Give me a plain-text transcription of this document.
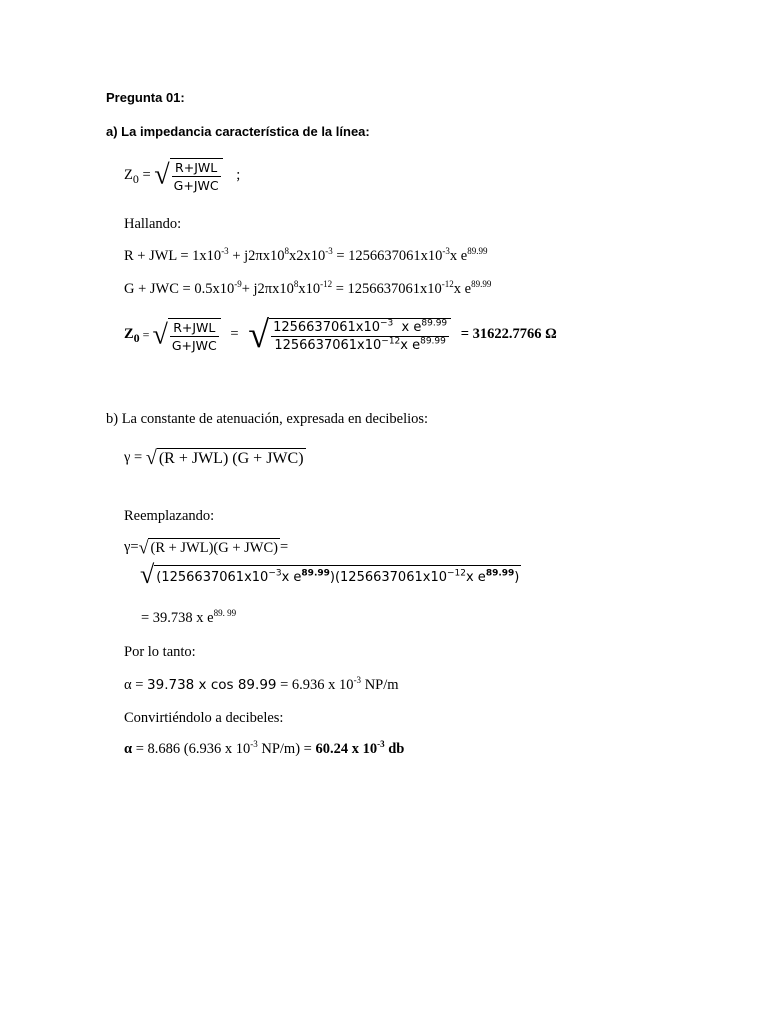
Pregunta 01:
a) La impedancia característica de la línea:
$Z_0$ = √ $\frac{\text{R+JWL}}{\text{G+JWC}}$ ;
Hallando:
R + JWL = $1x10^{-3} + j2\pi x10^8x2x10^{-3} = 1256637061x10^{-3}x$ $e^{89.99}$
G + JWC = $0.5x10^{-9}+ j2\pi x10^8x10^{-12} = 1256637061x10^{-12}x$ $e^{89.99}$
$Z_0$ = √ $\frac{\text{R+JWL}}{\text{G+JWC}}$ = √ $\frac{1256637061x10^{-3} x e^{89.99}}{1256637061x10^{-12}x e^{89.99}} = 31622.7766$ Ω
b) La constante de atenuación, expresada en decibelios:
γ = √ (R + JWL) (G + JWC)
Reemplazando:
γ=√ (R + JWL)(G + JWC) =
√ ($1256637061x10^{-3}x$ $e^{89.99})(1256637061x10^{-12}x$ $e^{89.99}$)
= 39.738 x $e^{89. 99}$
Por lo tanto:
α = 39.738 x cos 89.99 = 6.936 x $10^{-3}$ NP/m
Convirtiéndolo a decibeles:
α = 8.686 (6.936 x $10^{-3}$ NP/m) = 60.24 x $10^{-3}$ db
